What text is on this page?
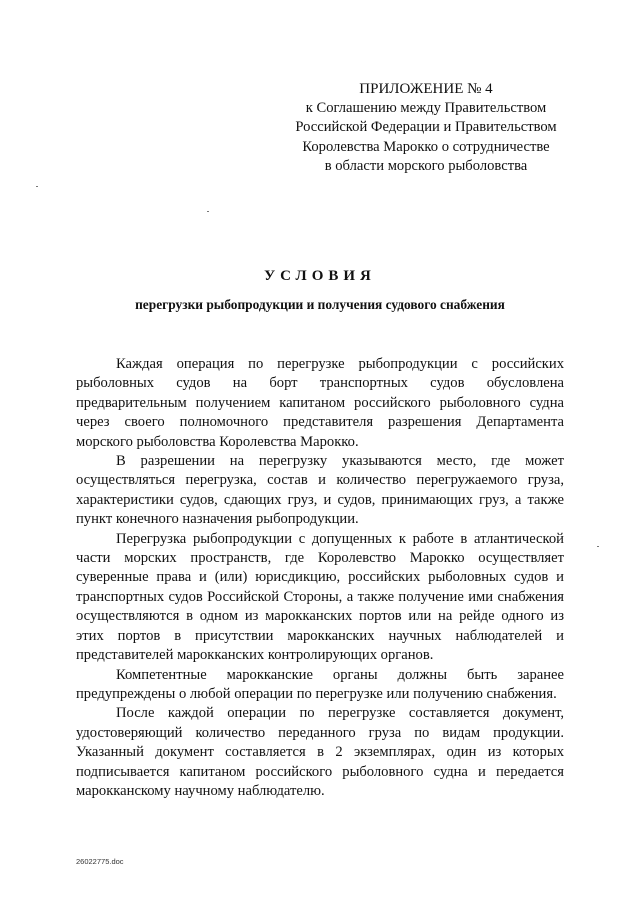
ПРИЛОЖЕНИЕ № 4
к Соглашению между Правительством
Российской Федерации и Правительством
Королевства Марокко о сотрудничестве
в области морского рыболовства
УСЛОВИЯ
перегрузки рыбопродукции и получения судового снабжения

Каждая операция по перегрузке рыбопродукции с российских рыболовных судов на борт транспортных судов обусловлена предварительным получением капитаном российского рыболовного судна через своего полномочного представителя разрешения Департамента морского рыболовства Королевства Марокко.

В разрешении на перегрузку указываются место, где может осуществляться перегрузка, состав и количество перегружаемого груза, характеристики судов, сдающих груз, и судов, принимающих груз, а также пункт конечного назначения рыбопродукции.

Перегрузка рыбопродукции с допущенных к работе в атлантической части морских пространств, где Королевство Марокко осуществляет суверенные права и (или) юрисдикцию, российских рыболовных судов и транспортных судов Российской Стороны, а также получение ими снабжения осуществляются в одном из марокканских портов или на рейде одного из этих портов в присутствии марокканских научных наблюдателей и представителей марокканских контролирующих органов.

Компетентные марокканские органы должны быть заранее предупреждены о любой операции по перегрузке или получению снабжения.

После каждой операции по перегрузке составляется документ, удостоверяющий количество переданного груза по видам продукции. Указанный документ составляется в 2 экземплярах, один из которых подписывается капитаном российского рыболовного судна и передается марокканскому научному наблюдателю.

26022775.doc
